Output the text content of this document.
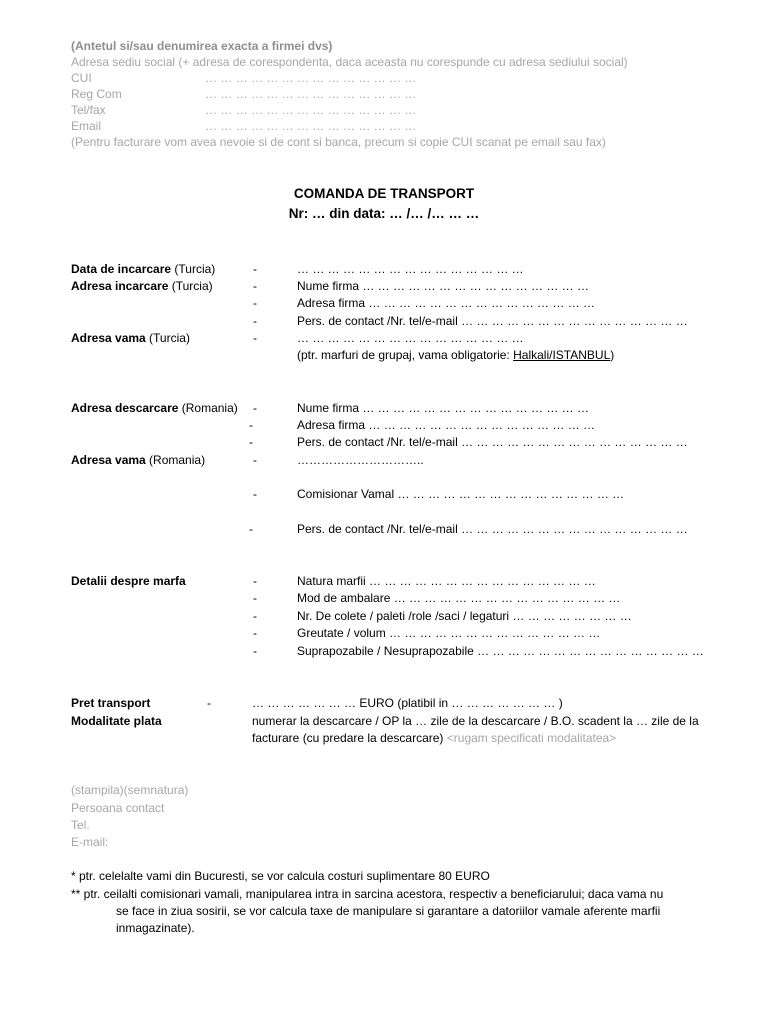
(Antetul si/sau denumirea exacta a firmei dvs)
Adresa sediu social (+ adresa de corespondenta, daca aceasta nu corespunde cu adresa sediului social)
CUI	… … … … … … … … … … … … … …
Reg Com	… … … … … … … … … … … … … …
Tel/fax	… … … … … … … … … … … … … …
Email	… … … … … … … … … … … … … …
(Pentru facturare vom avea nevoie si de cont si banca, precum si copie CUI scanat pe email sau fax)
COMANDA DE TRANSPORT
Nr: … din data: … /… /… … …
Data de incarcare (Turcia)	-	… … … … … … … … … … … … … … …
Adresa incarcare (Turcia)	-	Nume firma … … … … … … … … … … … … … … …
-	Adresa firma … … … … … … … … … … … … … … …
-	Pers. de contact /Nr. tel/e-mail … … … … … … … … … … … … … … …
Adresa vama (Turcia)	-	… … … … … … … … … … … … … … …
(ptr. marfuri de grupaj, vama obligatorie: Halkali/ISTANBUL)
Adresa descarcare (Romania) -	Nume firma … … … … … … … … … … … … … … …
-	Adresa firma … … … … … … … … … … … … … … …
-	Pers. de contact /Nr. tel/e-mail … … … … … … … … … … … … … … …
Adresa vama (Romania)	-	…………………………..
-	Comisionar Vamal … … … … … … … … … … … … … … …
-	Pers. de contact /Nr. tel/e-mail … … … … … … … … … … … … … … …
Detalii despre marfa	-	Natura marfii … … … … … … … … … … … … … … …
-	Mod de ambalare … … … … … … … … … … … … … … …
-	Nr. De colete / paleti /role /saci / legaturi … … … … … … … …
-	Greutate / volum … … … … … … … … … … … … … …
-	Suprapozabile / Nesuprapozabile … … … … … … … … … … … … … … …
Pret transport	-	… … … … … … … EURO (platibil in … … … … … … … )
Modalitate plata	numerar la descarcare / OP la … zile de la descarcare / B.O. scadent la … zile de la facturare (cu predare la descarcare) <rugam specificati modalitatea>
(stampila)(semnatura)
Persoana contact
Tel.
E-mail:
* ptr. celelalte vami din Bucuresti, se vor calcula costuri suplimentare 80 EURO
** ptr. ceilalti comisionari vamali, manipularea intra in sarcina acestora, respectiv a beneficiarului; daca vama nu
se face in ziua sosirii, se vor calcula taxe de manipulare si garantare a datoriilor vamale aferente marfii
inmagazinate).
